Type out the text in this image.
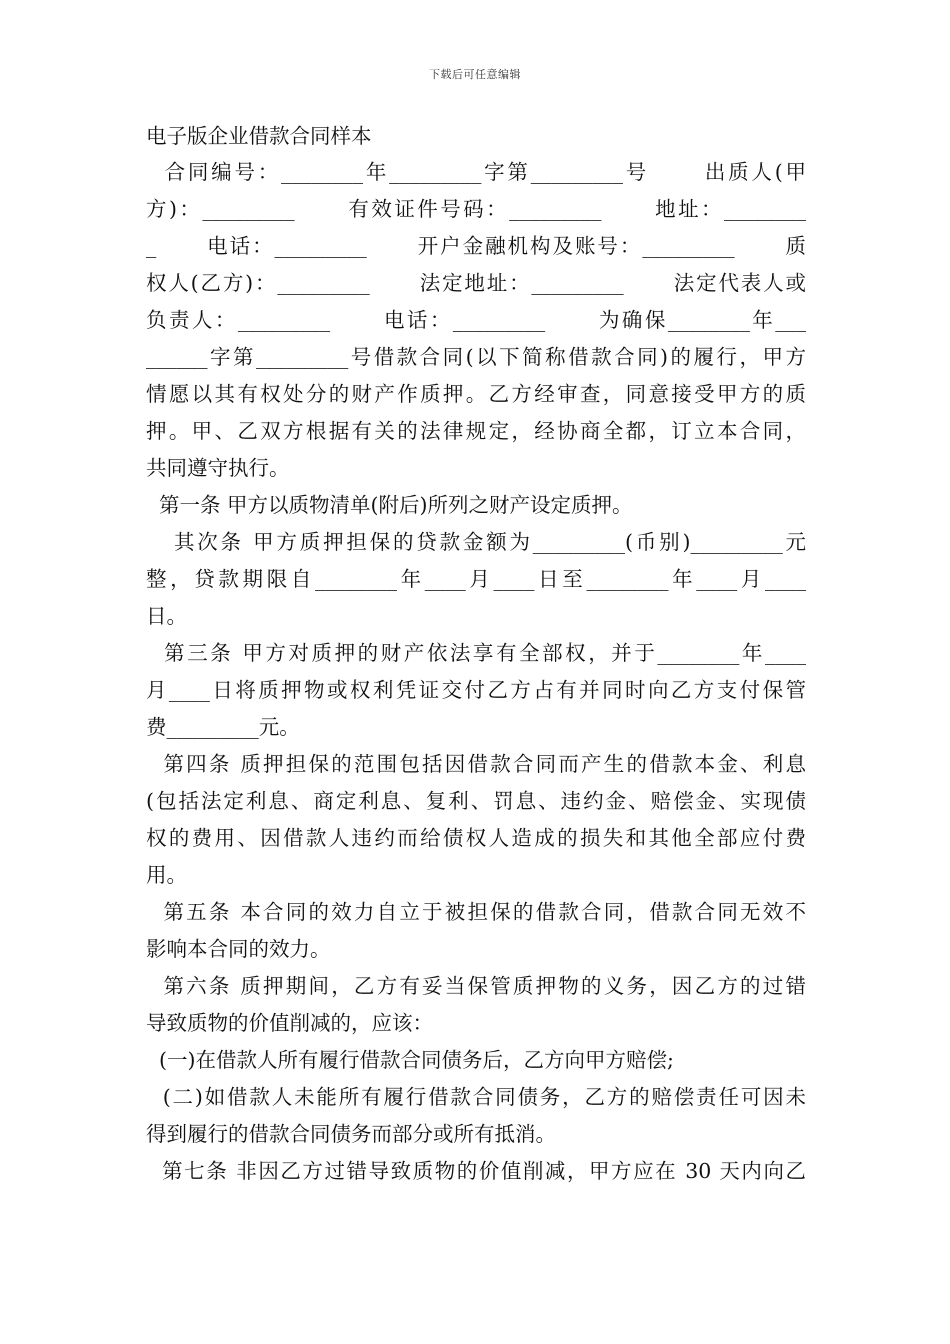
下载后可任意编辑
电子版企业借款合同样本
合同编号：________年_________字第_________号      出质人(甲
方)：_________      有效证件号码：_________      地址：________
_      电话：_________      开户金融机构及账号：_________      质
权人(乙方)：_________      法定地址：_________      法定代表人或
负责人：_________      电话：_________      为确保________年___
______字第_________号借款合同(以下简称借款合同)的履行，甲方
情愿以其有权处分的财产作质押。乙方经审查，同意接受甲方的质
押。甲、乙双方根据有关的法律规定，经协商全都，订立本合同，
共同遵守执行。
第一条 甲方以质物清单(附后)所列之财产设定质押。
其次条 甲方质押担保的贷款金额为_________(币别)_________元
整，贷款期限自________年____月____日至________年____月____
日。
第三条 甲方对质押的财产依法享有全部权，并于________年____
月____日将质押物或权利凭证交付乙方占有并同时向乙方支付保管
费_________元。
第四条 质押担保的范围包括因借款合同而产生的借款本金、利息
(包括法定利息、商定利息、复利、罚息、违约金、赔偿金、实现债
权的费用、因借款人违约而给债权人造成的损失和其他全部应付费
用。
第五条 本合同的效力自立于被担保的借款合同，借款合同无效不
影响本合同的效力。
第六条 质押期间，乙方有妥当保管质押物的义务，因乙方的过错
导致质物的价值削减的，应该：
(一)在借款人所有履行借款合同债务后，乙方向甲方赔偿;
(二)如借款人未能所有履行借款合同债务，乙方的赔偿责任可因未
得到履行的借款合同债务而部分或所有抵消。
第七条 非因乙方过错导致质物的价值削减，甲方应在 30 天内向乙
